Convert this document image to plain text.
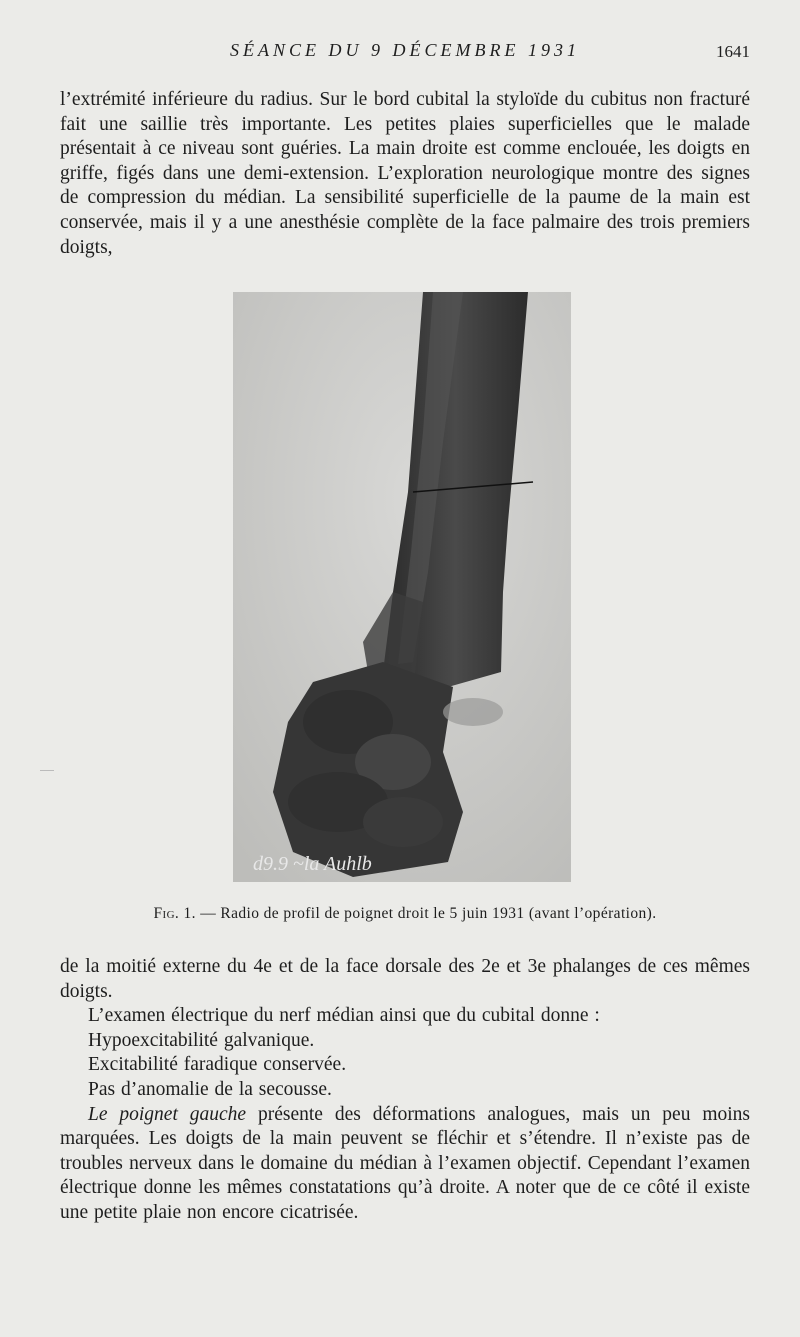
SÉANCE DU 9 DÉCEMBRE 1931	1641

l’extrémité inférieure du radius. Sur le bord cubital la styloïde du cubitus non fracturé fait une saillie très importante. Les petites plaies superficielles que le malade présentait à ce niveau sont guéries. La main droite est comme enclouée, les doigts en griffe, figés dans une demi-extension. L’exploration neurologique montre des signes de compression du médian. La sensibilité superficielle de la paume de la main est conservée, mais il y a une anesthésie complète de la face palmaire des trois premiers doigts,

d9.9 ~la Auhlb
Fig. 1. — Radio de profil de poignet droit le 5 juin 1931 (avant l’opération).

de la moitié externe du 4e et de la face dorsale des 2e et 3e phalanges de ces mêmes doigts.

L’examen électrique du nerf médian ainsi que du cubital donne :

Hypoexcitabilité galvanique.

Excitabilité faradique conservée.

Pas d’anomalie de la secousse.

Le poignet gauche présente des déformations analogues, mais un peu moins marquées. Les doigts de la main peuvent se fléchir et s’étendre. Il n’existe pas de troubles nerveux dans le domaine du médian à l’examen objectif. Cependant l’examen électrique donne les mêmes constatations qu’à droite. A noter que de ce côté il existe une petite plaie non encore cicatrisée.
